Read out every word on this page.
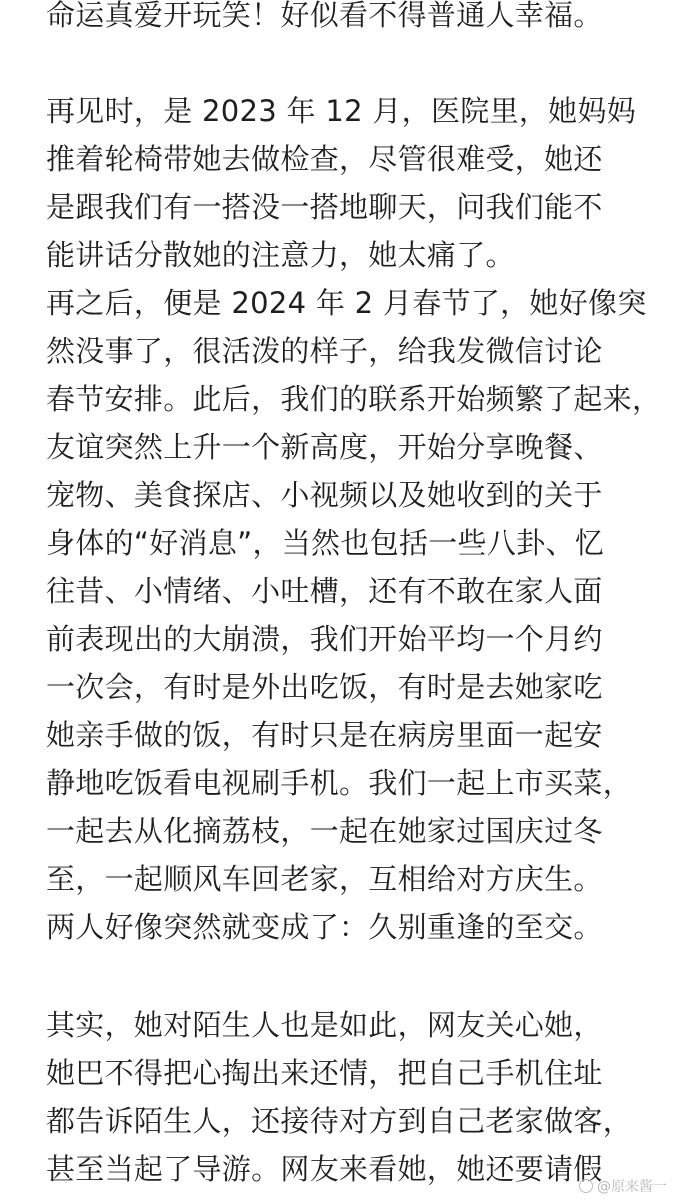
命运真爱开玩笑！好似看不得普通人幸福。
再见时，是 2023 年 12 月，医院里，她妈妈
推着轮椅带她去做检查，尽管很难受，她还
是跟我们有一搭没一搭地聊天，问我们能不
能讲话分散她的注意力，她太痛了。
再之后，便是 2024 年 2 月春节了，她好像突
然没事了，很活泼的样子，给我发微信讨论
春节安排。此后，我们的联系开始频繁了起来，
友谊突然上升一个新高度，开始分享晚餐、
宠物、美食探店、小视频以及她收到的关于
身体的“好消息”，当然也包括一些八卦、忆
往昔、小情绪、小吐槽，还有不敢在家人面
前表现出的大崩溃，我们开始平均一个月约
一次会，有时是外出吃饭，有时是去她家吃
她亲手做的饭，有时只是在病房里面一起安
静地吃饭看电视刷手机。我们一起上市买菜，
一起去从化摘荔枝，一起在她家过国庆过冬
至，一起顺风车回老家，互相给对方庆生。
两人好像突然就变成了：久别重逢的至交。
其实，她对陌生人也是如此，网友关心她，
她巴不得把心掏出来还情，把自己手机住址
都告诉陌生人，还接待对方到自己老家做客，
甚至当起了导游。网友来看她，她还要请假
@原来酱一
